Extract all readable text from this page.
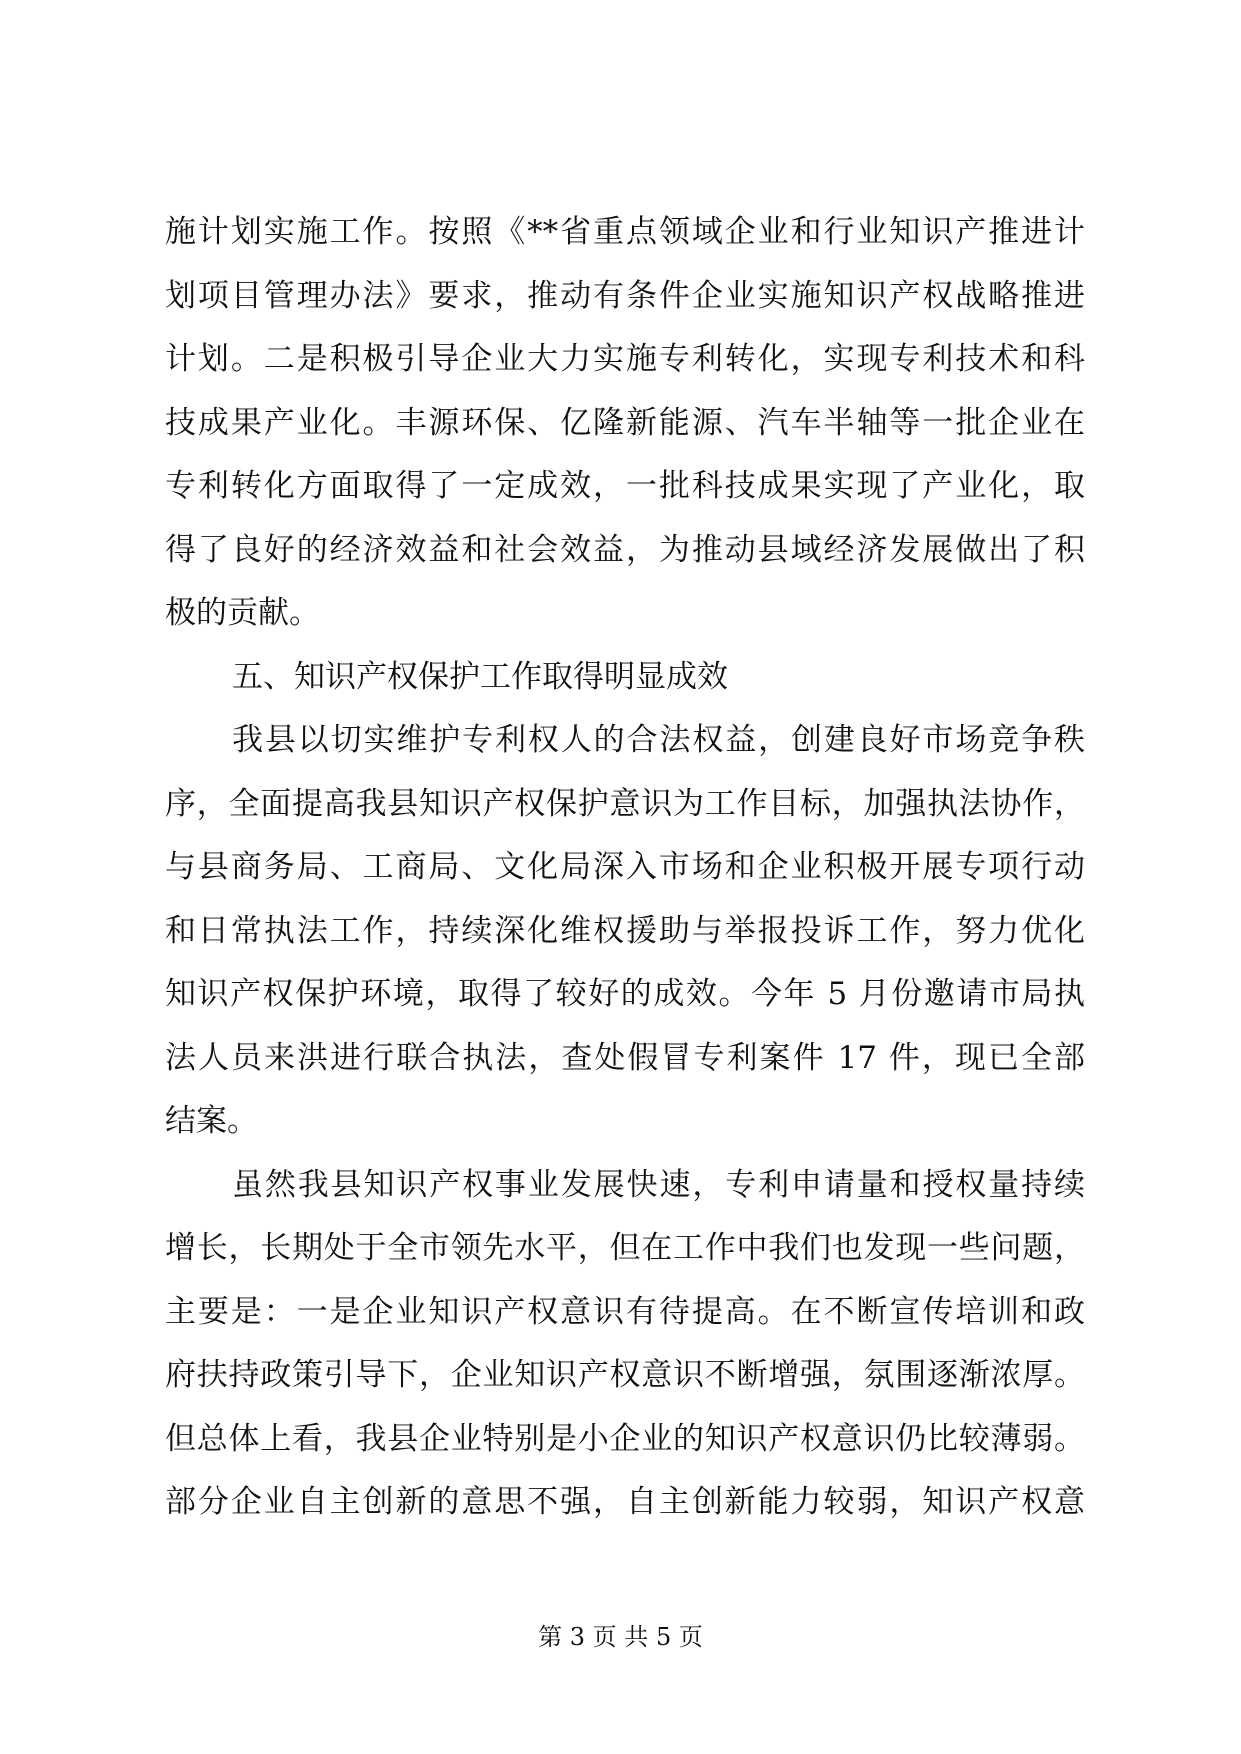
施计划实施工作。按照《**省重点领域企业和行业知识产推进计
划项目管理办法》要求，推动有条件企业实施知识产权战略推进
计划。二是积极引导企业大力实施专利转化，实现专利技术和科
技成果产业化。丰源环保、亿隆新能源、汽车半轴等一批企业在
专利转化方面取得了一定成效，一批科技成果实现了产业化，取
得了良好的经济效益和社会效益，为推动县域经济发展做出了积
极的贡献。
五、知识产权保护工作取得明显成效
我县以切实维护专利权人的合法权益，创建良好市场竞争秩
序，全面提高我县知识产权保护意识为工作目标，加强执法协作，
与县商务局、工商局、文化局深入市场和企业积极开展专项行动
和日常执法工作，持续深化维权援助与举报投诉工作，努力优化
知识产权保护环境，取得了较好的成效。今年 5 月份邀请市局执
法人员来洪进行联合执法，查处假冒专利案件 17 件，现已全部
结案。
虽然我县知识产权事业发展快速，专利申请量和授权量持续
增长，长期处于全市领先水平，但在工作中我们也发现一些问题，
主要是：一是企业知识产权意识有待提高。在不断宣传培训和政
府扶持政策引导下，企业知识产权意识不断增强，氛围逐渐浓厚。
但总体上看，我县企业特别是小企业的知识产权意识仍比较薄弱。
部分企业自主创新的意思不强，自主创新能力较弱，知识产权意
第 3 页 共 5 页
